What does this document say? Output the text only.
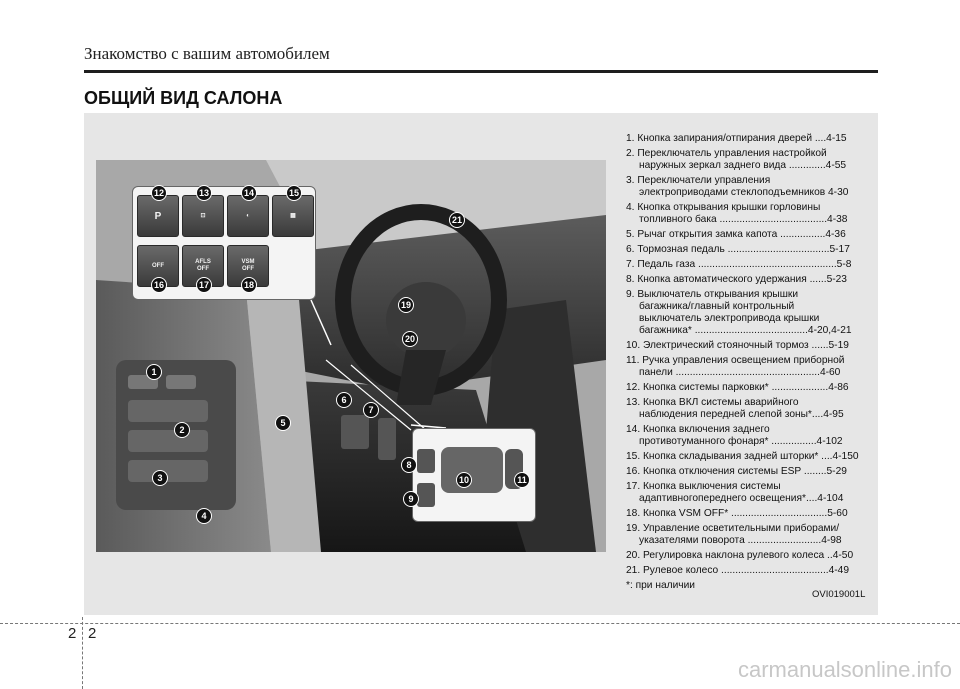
Знакомство с вашим автомобилем
ОБЩИЙ ВИД САЛОНА
P	⊡	◐	▦
OFF
AFLS
OFF
VSM
OFF
12	13	14	15
16	17	18
1
2
3
4
5
6
7
8
9
10	11
19
20
21
1. Кнопка запирания/отпирания дверей ....4-15
2. Переключатель управления настройкой
наружных зеркал заднего вида .............4-55
3. Переключатели управления
электроприводами стеклоподъемников 4-30
4. Кнопка открывания крышки горловины
топливного бака ......................................4-38
5. Рычаг открытия замка капота ................4-36
6. Тормозная педаль ....................................5-17
7. Педаль газа .................................................5-8
8. Кнопка автоматического удержания ......5-23
9. Выключатель открывания крышки
багажника/главный контрольный
выключатель электропривода крышки
багажника* ........................................4-20,4-21
10. Электрический стояночный тормоз ......5-19
11. Ручка управления освещением приборной
панели ...................................................4-60
12. Кнопка системы парковки* ....................4-86
13. Кнопка ВКЛ системы аварийного
наблюдения передней слепой зоны*....4-95
14. Кнопка включения заднего
противотуманного фонаря* ................4-102
15. Кнопка складывания задней шторки* ....4-150
16. Кнопка отключения системы ESP ........5-29
17. Кнопка выключения системы
адаптивногопереднего освещения*....4-104
18. Кнопка VSM OFF* ..................................5-60
19. Управление осветительными приборами/
указателями поворота ..........................4-98
20. Регулировка наклона рулевого колеса ..4-50
21. Рулевое колесо ......................................4-49
*: при наличии
OVI019001L
2 2
carmanualsonline.info
